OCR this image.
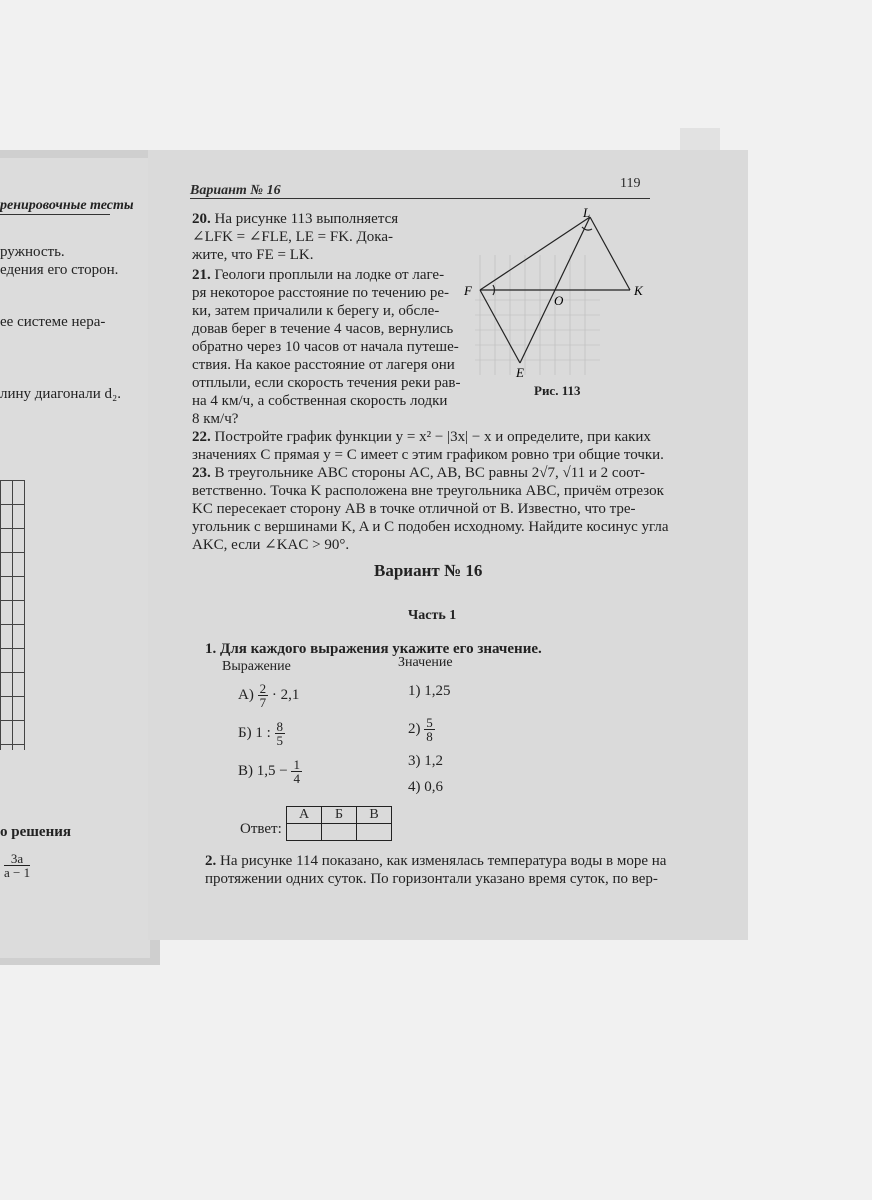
ренировочные тесты
ружность.
едения его сторон.
ее системе нера-
лину диагонали d₂.
о решения
$\frac{3a}{a - 1}$
Вариант № 16	119
20. На рисунке 113 выполняется
∠LFK = ∠FLE, LE = FK. Дока-
жите, что FE = LK.
21. Геологи проплыли на лодке от лаге-
ря некоторое расстояние по течению ре-
ки, затем причалили к берегу и, обсле-
довав берег в течение 4 часов, вернулись
обратно через 10 часов от начала путеше-
ствия. На какое расстояние от лагеря они
отплыли, если скорость течения реки рав-
на 4 км/ч, а собственная скорость лодки
8 км/ч?
L
F	K
O
E
Рис. 113
22. Постройте график функции y = x² − |3x| − x и определите, при каких
значениях C прямая y = C имеет с этим графиком ровно три общие точки.
23. В треугольнике ABC стороны AC, AB, BC равны 2√7, √11 и 2 соот-
ветственно. Точка K расположена вне треугольника ABC, причём отрезок
KC пересекает сторону AB в точке отличной от B. Известно, что тре-
угольник с вершинами K, A и C подобен исходному. Найдите косинус угла
AKC, если ∠KAC > 90°.
Вариант № 16
Часть 1
1. Для каждого выражения укажите его значение.
Выражение	Значение
$А) \frac{2}{7} \cdot 2,1$
Б) 1 : $\frac{8}{5}$
В) $1,5 - \frac{1}{4}$
1) 1,25
$2) \frac{5}{8}$
3) 1,2
4) 0,6
Ответ:
А	Б	В

2. На рисунке 114 показано, как изменялась температура воды в море на
протяжении одних суток. По горизонтали указано время суток, по вер-
